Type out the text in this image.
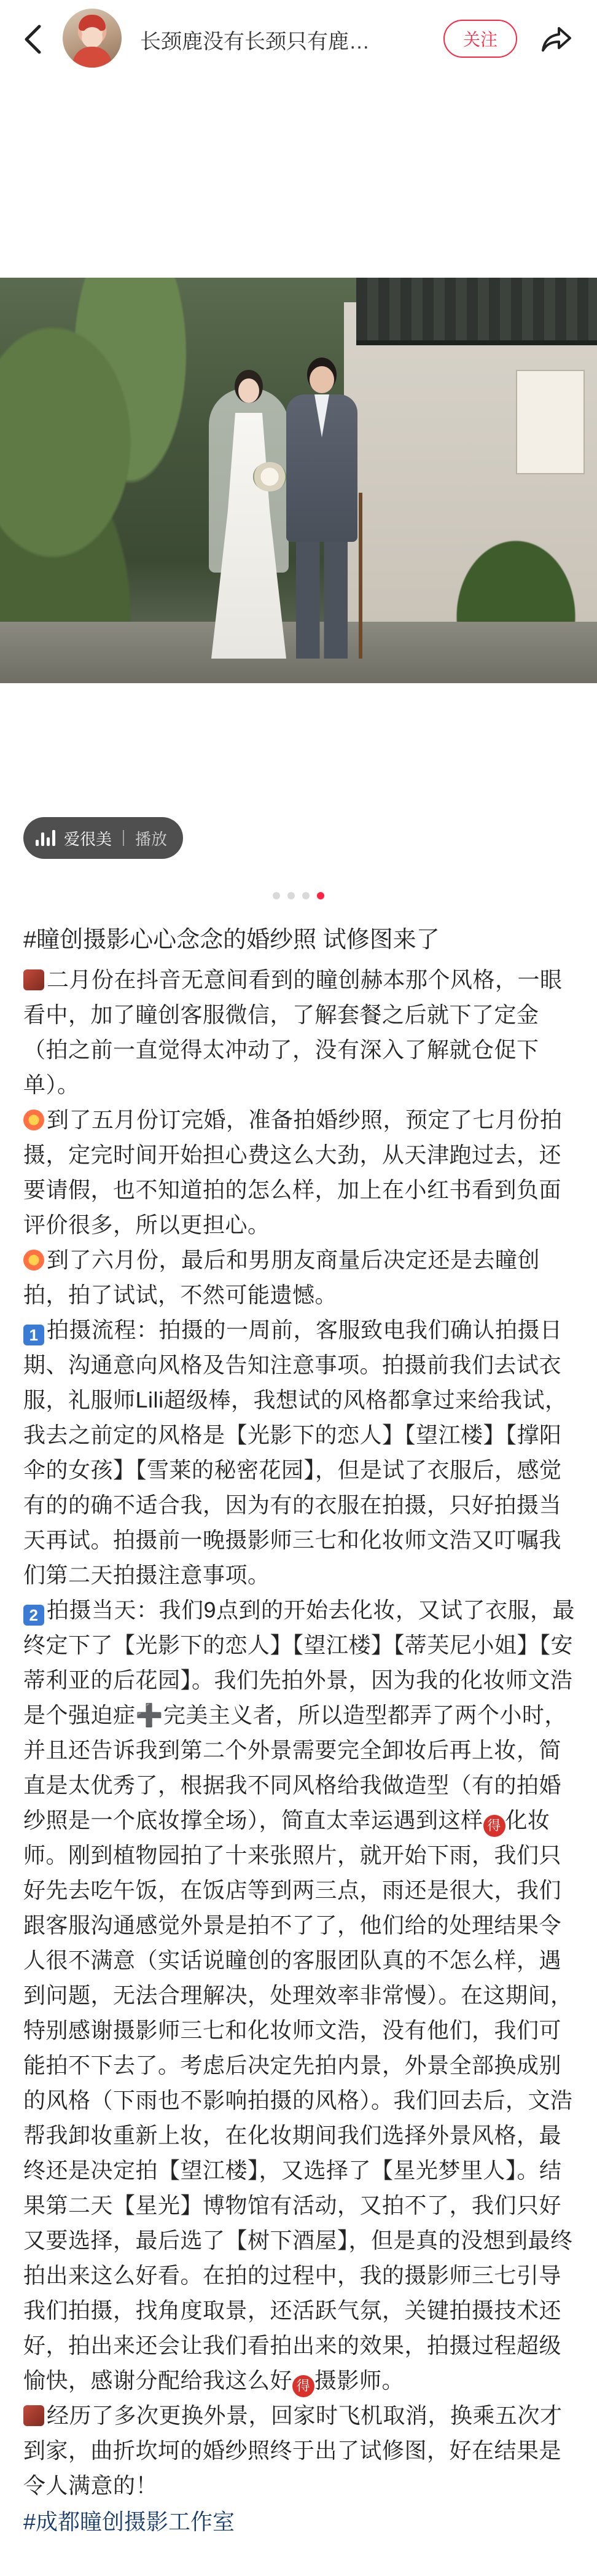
长颈鹿没有长颈只有鹿…	关注
爱很美 播放
#瞳创摄影心心念念的婚纱照 试修图来了
二月份在抖音无意间看到的瞳创赫本那个风格，一眼看中，加了瞳创客服微信，了解套餐之后就下了定金（拍之前一直觉得太冲动了，没有深入了解就仓促下单）。
到了五月份订完婚，准备拍婚纱照，预定了七月份拍摄，定完时间开始担心费这么大劲，从天津跑过去，还要请假，也不知道拍的怎么样，加上在小红书看到负面评价很多，所以更担心。
到了六月份，最后和男朋友商量后决定还是去瞳创拍，拍了试试，不然可能遗憾。
1 拍摄流程：拍摄的一周前，客服致电我们确认拍摄日期、沟通意向风格及告知注意事项。拍摄前我们去试衣服，礼服师Lili超级棒，我想试的风格都拿过来给我试，我去之前定的风格是【光影下的恋人】【望江楼】【撑阳伞的女孩】【雪莱的秘密花园】，但是试了衣服后，感觉有的的确不适合我，因为有的衣服在拍摄，只好拍摄当天再试。拍摄前一晚摄影师三七和化妆师文浩又叮嘱我们第二天拍摄注意事项。
2 拍摄当天：我们9点到的开始去化妆，又试了衣服，最终定下了【光影下的恋人】【望江楼】【蒂芙尼小姐】【安蒂利亚的后花园】。我们先拍外景，因为我的化妆师文浩是个强迫症➕完美主义者，所以造型都弄了两个小时，并且还告诉我到第二个外景需要完全卸妆后再上妆，简直是太优秀了，根据我不同风格给我做造型（有的拍婚纱照是一个底妆撑全场），简直太幸运遇到这样 得 化妆师。刚到植物园拍了十来张照片，就开始下雨，我们只好先去吃午饭，在饭店等到两三点，雨还是很大，我们跟客服沟通感觉外景是拍不了了，他们给的处理结果令人很不满意（实话说瞳创的客服团队真的不怎么样，遇到问题，无法合理解决，处理效率非常慢）。在这期间，特别感谢摄影师三七和化妆师文浩，没有他们，我们可能拍不下去了。考虑后决定先拍内景，外景全部换成别的风格（下雨也不影响拍摄的风格）。我们回去后，文浩帮我卸妆重新上妆，在化妆期间我们选择外景风格，最终还是决定拍【望江楼】，又选择了【星光梦里人】。结果第二天【星光】博物馆有活动，又拍不了，我们只好又要选择，最后选了【树下酒屋】，但是真的没想到最终拍出来这么好看。在拍的过程中，我的摄影师三七引导我们拍摄，找角度取景，还活跃气氛，关键拍摄技术还好，拍出来还会让我们看拍出来的效果，拍摄过程超级愉快，感谢分配给我这么好 得 摄影师。
经历了多次更换外景，回家时飞机取消，换乘五次才到家，曲折坎坷的婚纱照终于出了试修图，好在结果是令人满意的！
#成都瞳创摄影工作室
